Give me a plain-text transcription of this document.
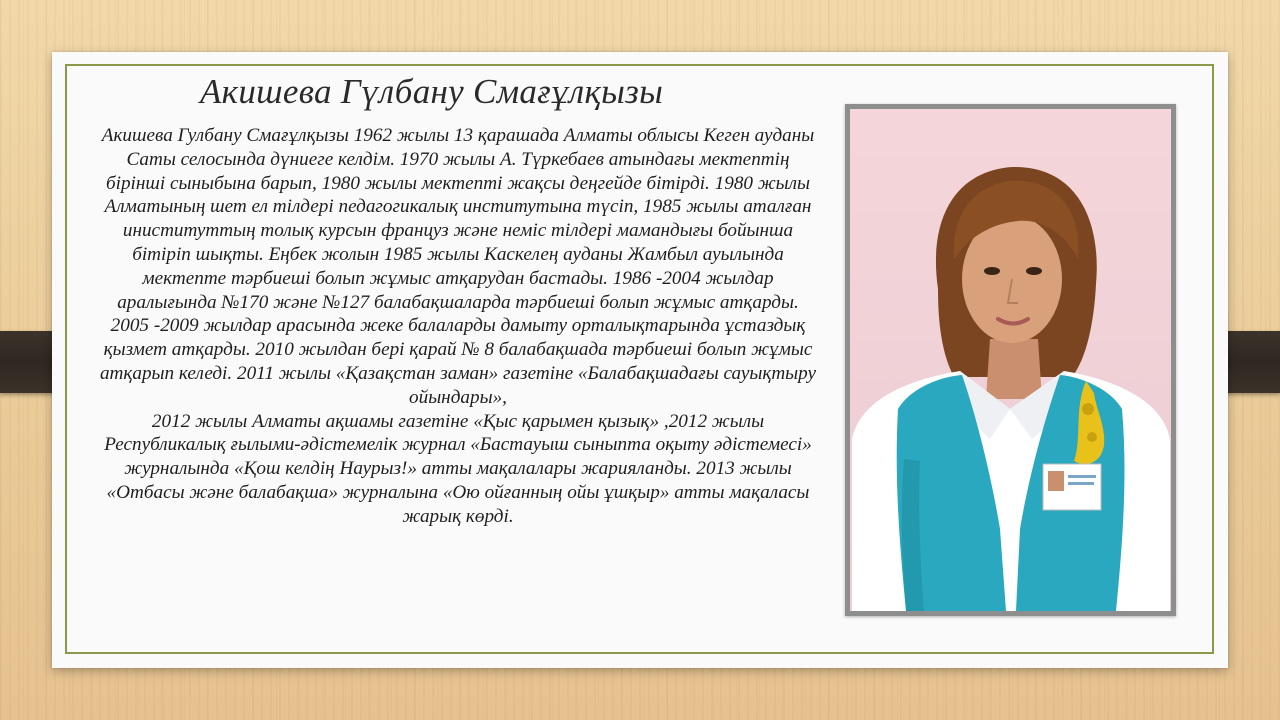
Акишева Гүлбану Смағұлқызы
Акишева Гулбану Смағұлқызы 1962 жылы 13 қарашада Алматы облысы Кеген ауданы Саты селосында дүниеге келдім. 1970 жылы А. Түркебаев атындағы мектептің бірінші сыныбына барып, 1980 жылы мектепті жақсы деңгейде бітірді. 1980 жылы Алматының шет ел тілдері педагогикалық институтына түсіп, 1985 жылы аталған иниституттың толық курсын француз және неміс тілдері мамандығы бойынша бітіріп шықты. Еңбек жолын 1985 жылы Каскелең ауданы Жамбыл ауылында мектепте тәрбиеші болып жұмыс атқарудан бастады. 1986 -2004 жылдар аралығында №170 және №127 балабақшаларда тәрбиеші болып жұмыс атқарды. 2005 -2009 жылдар арасында жеке балаларды дамыту орталықтарында ұстаздық қызмет атқарды. 2010 жылдан бері қарай № 8 балабақшада тәрбиеші болып жұмыс атқарып келеді. 2011 жылы «Қазақстан заман» газетіне «Балабақшадағы сауықтыру ойындары»,
2012 жылы Алматы ақшамы газетіне «Қыс қарымен қызық» ,2012 жылы Республикалық ғылыми-әдістемелік журнал «Бастауыш сыныпта оқыту әдістемесі» журналында «Қош келдің Наурыз!» атты мақалалары жарияланды. 2013 жылы «Отбасы және балабақша» журналына «Ою ойғанның ойы ұшқыр» атты мақаласы жарық көрді.
